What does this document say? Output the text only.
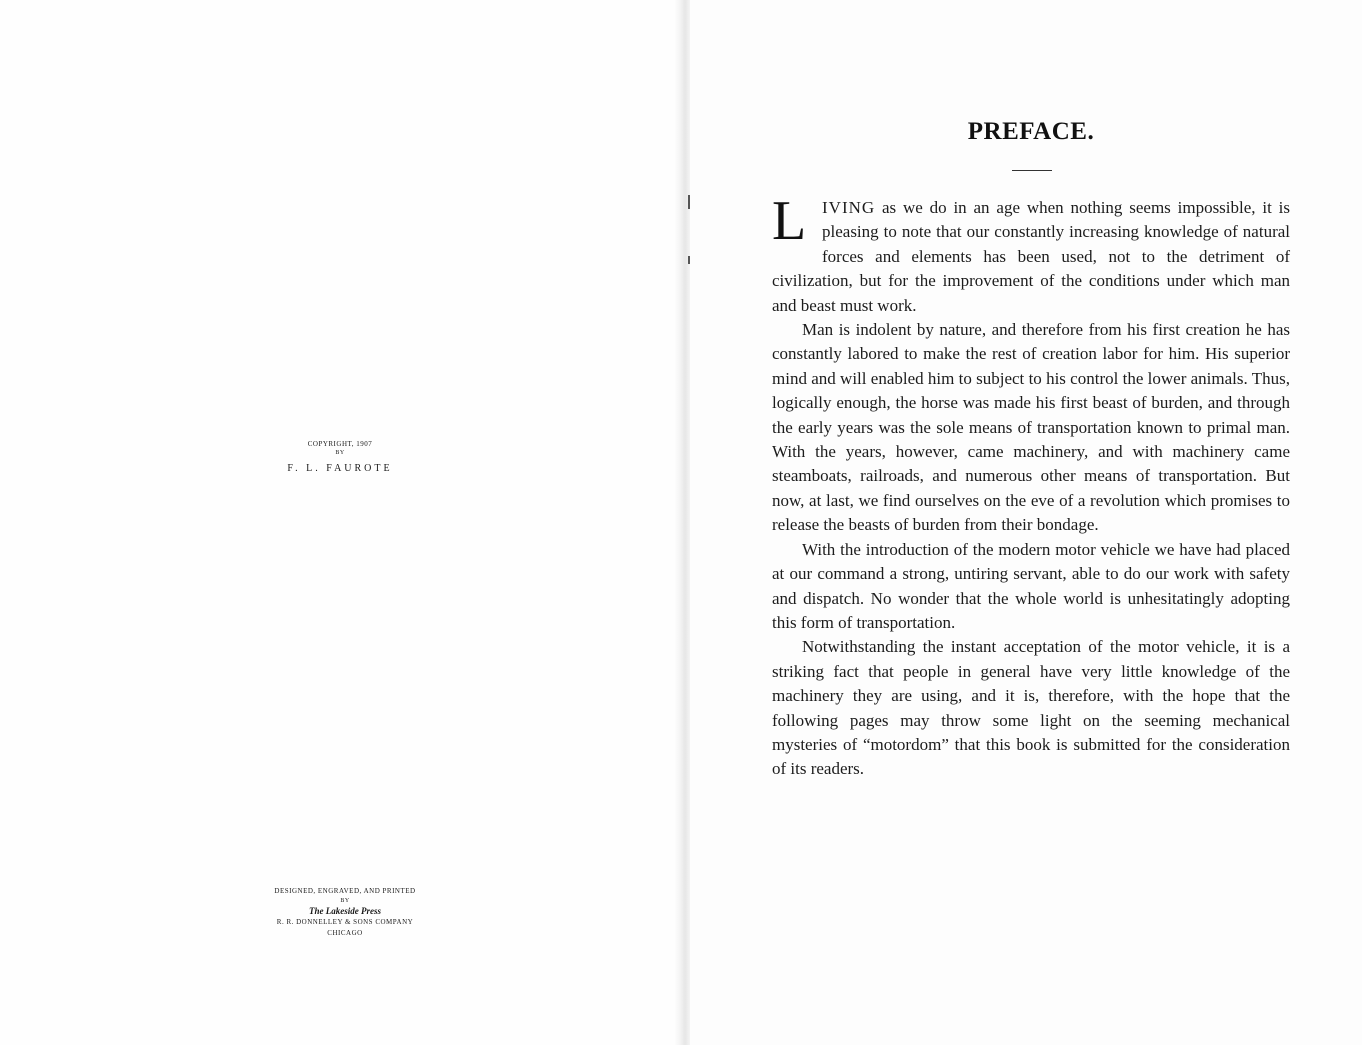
COPYRIGHT, 1907
BY
F. L. FAUROTE
DESIGNED, ENGRAVED, AND PRINTED
BY
The Lakeside Press
R. R. DONNELLEY & SONS COMPANY
CHICAGO
PREFACE.

L IVING as we do in an age when nothing seems impossible, it is pleasing to note that our constantly increasing knowledge of natural forces and elements has been used, not to the detriment of civilization, but for the improvement of the conditions under which man and beast must work.

Man is indolent by nature, and therefore from his first creation he has constantly labored to make the rest of creation labor for him. His superior mind and will enabled him to subject to his control the lower animals. Thus, logically enough, the horse was made his first beast of burden, and through the early years was the sole means of transportation known to primal man. With the years, however, came machinery, and with machinery came steamboats, railroads, and numerous other means of transportation. But now, at last, we find ourselves on the eve of a revolution which promises to release the beasts of burden from their bondage.

With the introduction of the modern motor vehicle we have had placed at our command a strong, untiring servant, able to do our work with safety and dispatch. No wonder that the whole world is unhesitatingly adopting this form of transportation.

Notwithstanding the instant acceptation of the motor vehicle, it is a striking fact that people in general have very little knowledge of the machinery they are using, and it is, therefore, with the hope that the following pages may throw some light on the seeming mechanical mysteries of “motordom” that this book is submitted for the consideration of its readers.
